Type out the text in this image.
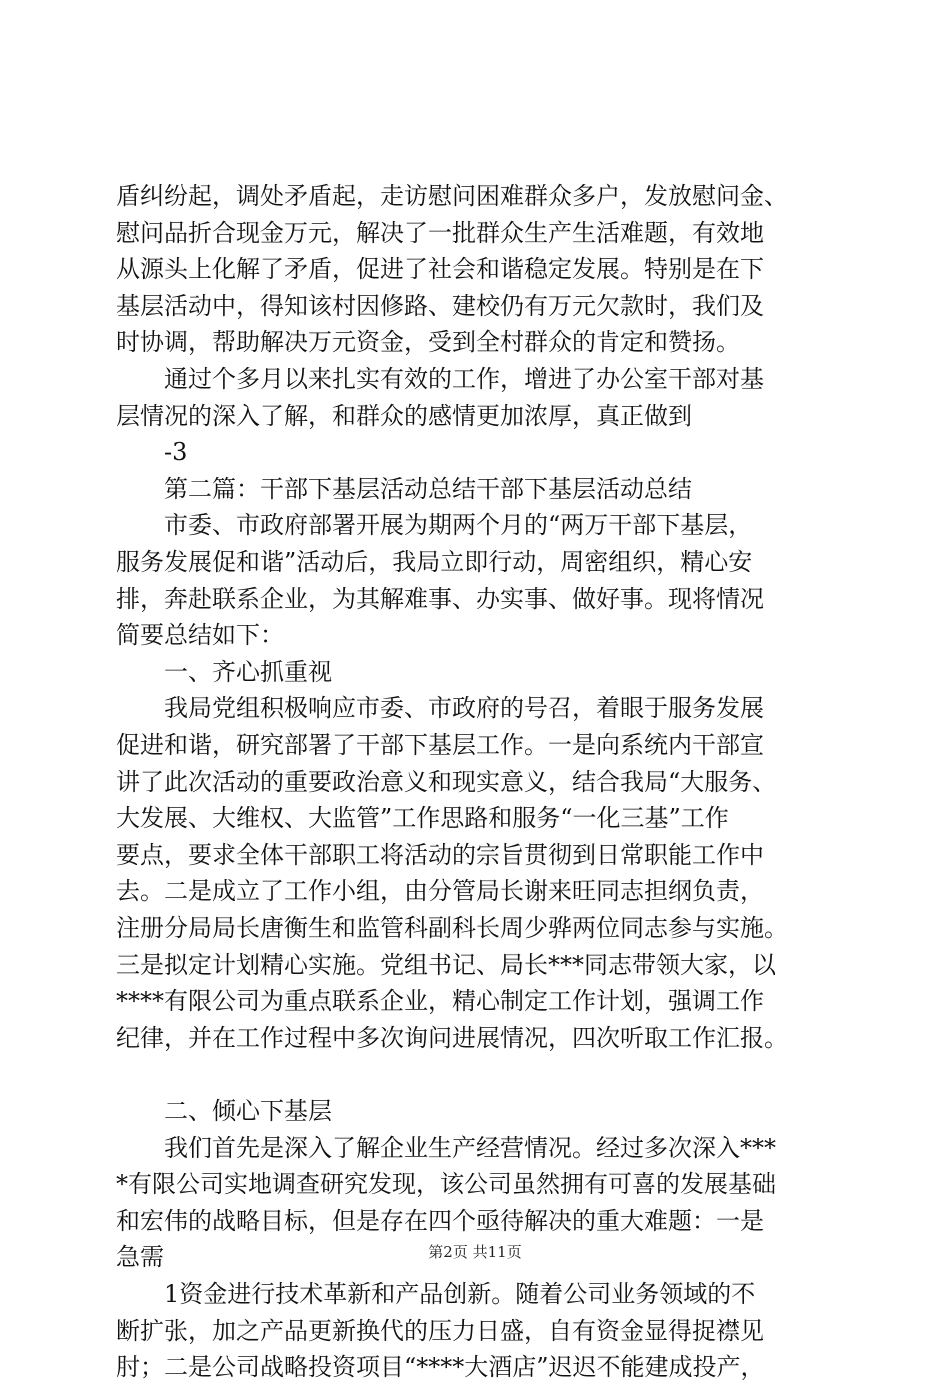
盾纠纷起，调处矛盾起，走访慰问困难群众多户，发放慰问金、
慰问品折合现金万元，解决了一批群众生产生活难题，有效地
从源头上化解了矛盾，促进了社会和谐稳定发展。特别是在下
基层活动中，得知该村因修路、建校仍有万元欠款时，我们及
时协调，帮助解决万元资金，受到全村群众的肯定和赞扬。
　　通过个多月以来扎实有效的工作，增进了办公室干部对基
层情况的深入了解，和群众的感情更加浓厚，真正做到
　　-3
　　第二篇：干部下基层活动总结干部下基层活动总结
　　市委、市政府部署开展为期两个月的“两万干部下基层，
服务发展促和谐”活动后，我局立即行动，周密组织，精心安
排，奔赴联系企业，为其解难事、办实事、做好事。现将情况
简要总结如下：
　　一、齐心抓重视
　　我局党组积极响应市委、市政府的号召，着眼于服务发展
促进和谐，研究部署了干部下基层工作。一是向系统内干部宣
讲了此次活动的重要政治意义和现实意义，结合我局“大服务、
大发展、大维权、大监管”工作思路和服务“一化三基”工作
要点，要求全体干部职工将活动的宗旨贯彻到日常职能工作中
去。二是成立了工作小组，由分管局长谢来旺同志担纲负责，
注册分局局长唐衡生和监管科副科长周少骅两位同志参与实施。
三是拟定计划精心实施。党组书记、局长***同志带领大家，以
****有限公司为重点联系企业，精心制定工作计划，强调工作
纪律，并在工作过程中多次询问进展情况，四次听取工作汇报。
　　二、倾心下基层
　　我们首先是深入了解企业生产经营情况。经过多次深入***
*有限公司实地调查研究发现，该公司虽然拥有可喜的发展基础
和宏伟的战略目标，但是存在四个亟待解决的重大难题：一是
急需
　　1资金进行技术革新和产品创新。随着公司业务领域的不
断扩张，加之产品更新换代的压力日盛，自有资金显得捉襟见
肘；二是公司战略投资项目“****大酒店”迟迟不能建成投产，
第2页 共11页
